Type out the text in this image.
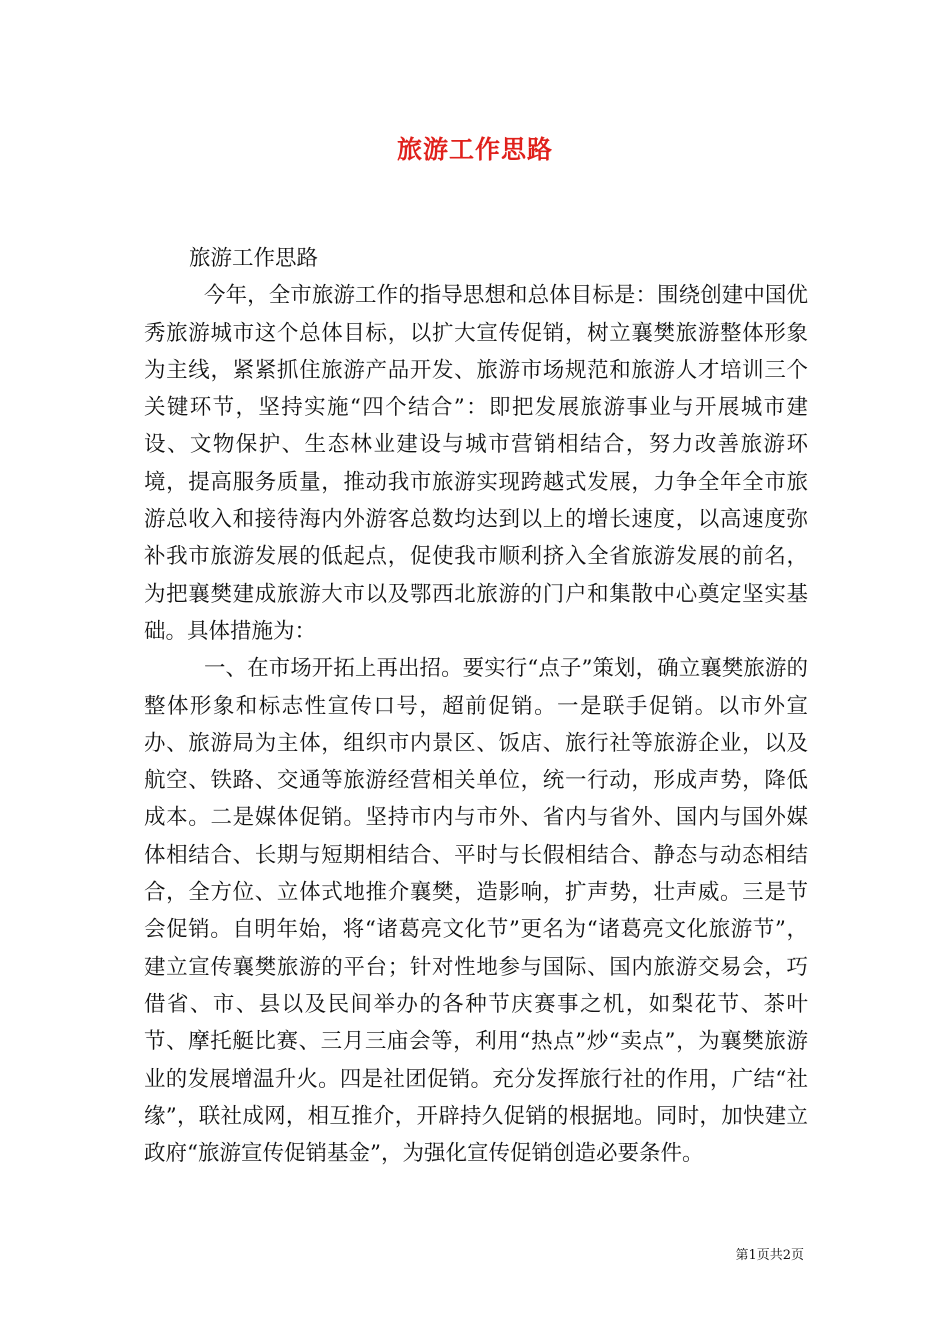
旅游工作思路

旅游工作思路

今年，全市旅游工作的指导思想和总体目标是：围绕创建中国优秀旅游城市这个总体目标，以扩大宣传促销，树立襄樊旅游整体形象为主线，紧紧抓住旅游产品开发、旅游市场规范和旅游人才培训三个关键环节，坚持实施“四个结合”：即把发展旅游事业与开展城市建设、文物保护、生态林业建设与城市营销相结合，努力改善旅游环境，提高服务质量，推动我市旅游实现跨越式发展，力争全年全市旅游总收入和接待海内外游客总数均达到以上的增长速度，以高速度弥补我市旅游发展的低起点，促使我市顺利挤入全省旅游发展的前名，为把襄樊建成旅游大市以及鄂西北旅游的门户和集散中心奠定坚实基础。具体措施为：

一、在市场开拓上再出招。要实行“点子”策划，确立襄樊旅游的整体形象和标志性宣传口号，超前促销。一是联手促销。以市外宣办、旅游局为主体，组织市内景区、饭店、旅行社等旅游企业，以及航空、铁路、交通等旅游经营相关单位，统一行动，形成声势，降低成本。二是媒体促销。坚持市内与市外、省内与省外、国内与国外媒体相结合、长期与短期相结合、平时与长假相结合、静态与动态相结合，全方位、立体式地推介襄樊，造影响，扩声势，壮声威。三是节会促销。自明年始，将“诸葛亮文化节”更名为“诸葛亮文化旅游节”，建立宣传襄樊旅游的平台；针对性地参与国际、国内旅游交易会，巧借省、市、县以及民间举办的各种节庆赛事之机，如梨花节、茶叶节、摩托艇比赛、三月三庙会等，利用“热点”炒“卖点”，为襄樊旅游业的发展增温升火。四是社团促销。充分发挥旅行社的作用，广结“社缘”，联社成网，相互推介，开辟持久促销的根据地。同时，加快建立政府“旅游宣传促销基金”，为强化宣传促销创造必要条件。

第1页共2页
